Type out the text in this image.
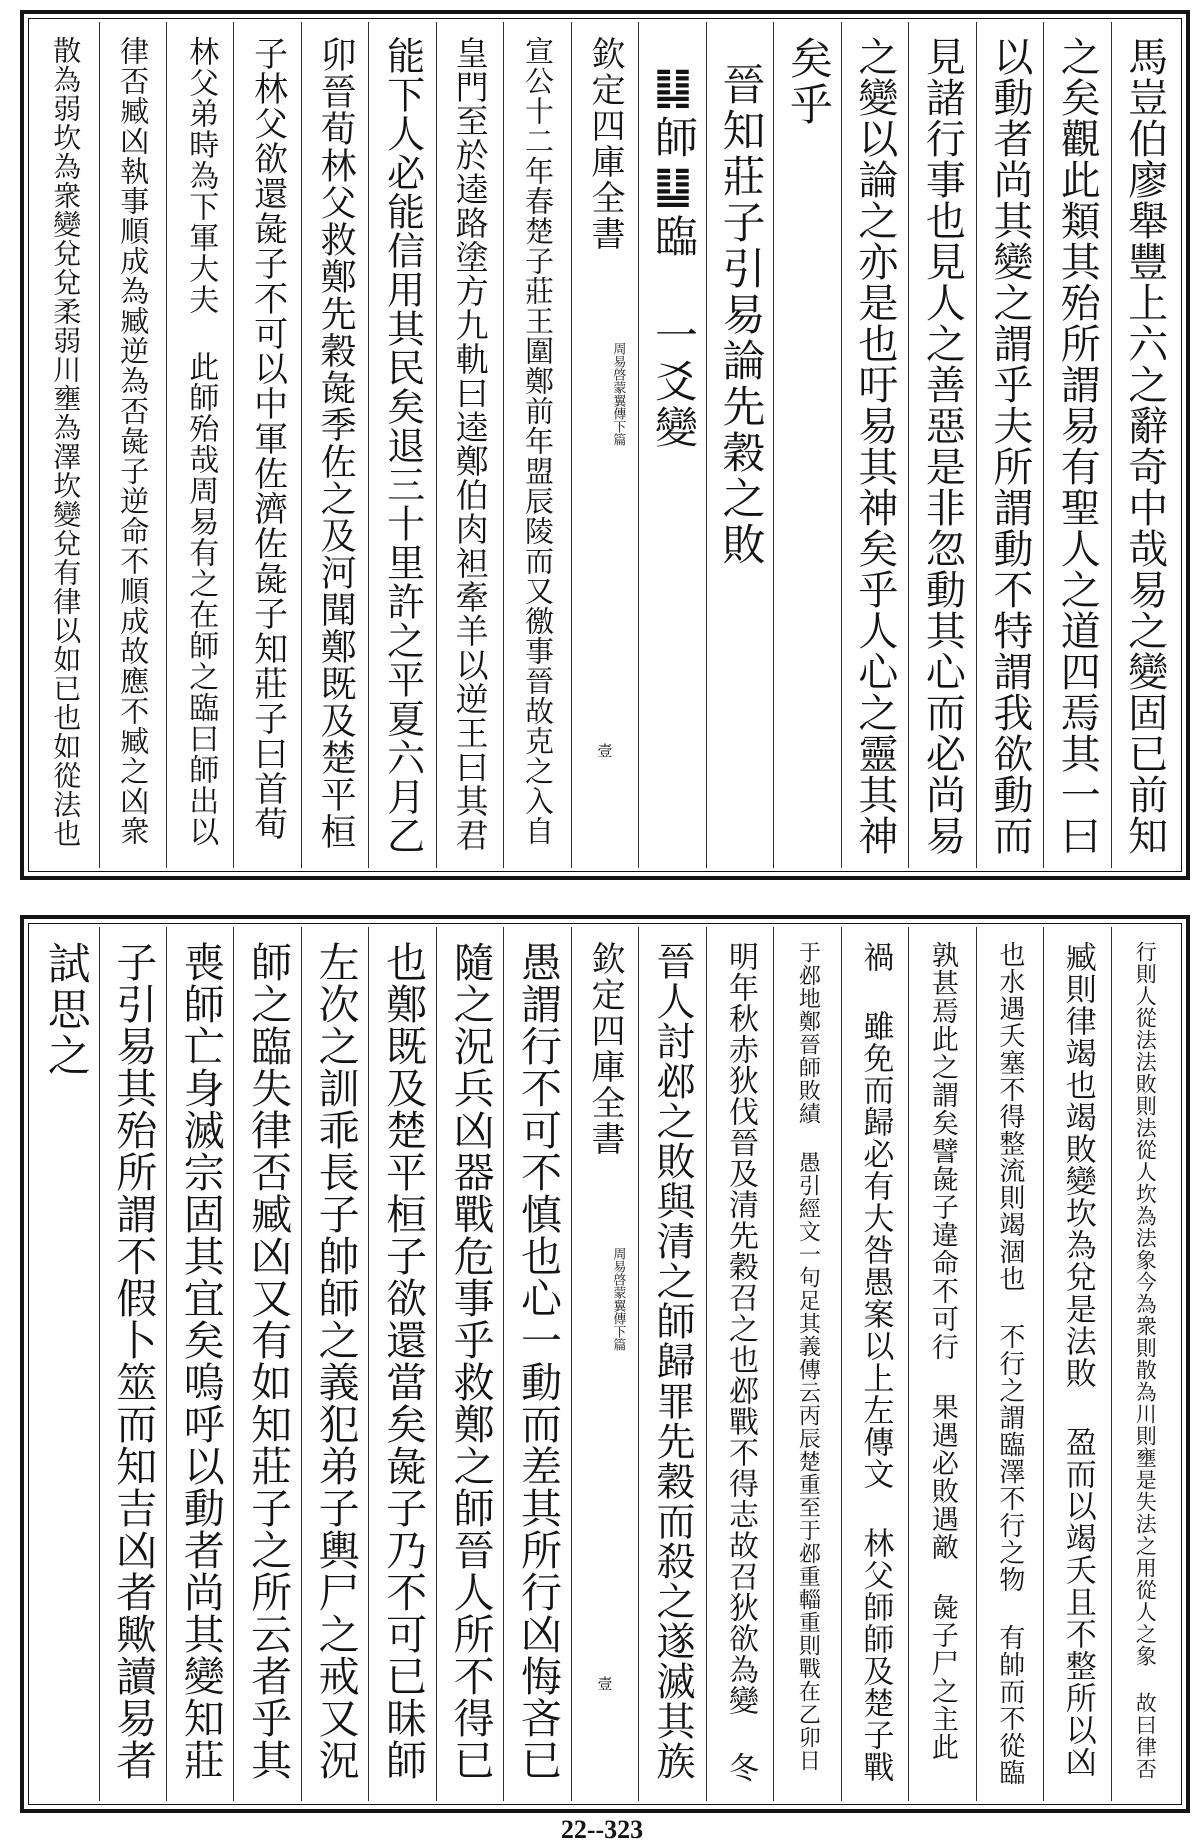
馬豈伯廖舉豐上六之辭奇中哉易之變固已前知
之矣觀此類其殆所謂易有聖人之道四焉其一曰
以動者尚其變之謂乎夫所謂動不特謂我欲動而
見諸行事也見人之善惡是非忽動其心而必尚易
之變以論之亦是也吁易其神矣乎人心之靈其神
矣乎
晉知莊子引易論先穀之敗
䷆師䷒臨 一爻變
欽定四庫全書
周易啓蒙翼傳下篇
壹
宣公十二年春楚子莊王圍鄭前年盟辰陵而又徼事晉故克之入自
皇門至於逵路塗方九軌曰逵鄭伯肉袒牽羊以逆王曰其君
能下人必能信用其民矣退三十里許之平夏六月乙
卯晉荀林父救鄭先穀彘季佐之及河聞鄭既及楚平桓
子林父欲還彘子不可以中軍佐濟佐彘子知莊子曰首荀
林父弟時為下軍大夫 此師殆哉周易有之在師之臨曰師出以
律否臧凶執事順成為臧逆為否彘子逆命不順成故應不臧之凶衆
散為弱坎為衆變兌兌柔弱川壅為澤坎變兌有律以如已也如從法也
行則人從法法敗則法從人坎為法象今為衆則散為川則壅是失法之用從人之象 故曰律否
臧則律竭也竭敗變坎為兌是法敗 盈而以竭夭且不整所以凶
也水遇夭塞不得整流則竭涸也 不行之謂臨澤不行之物 有帥而不從臨
孰甚焉此之謂矣譬彘子違命不可行 果遇必敗遇敵 彘子尸之主此
禍 雖免而歸必有大咎愚案以上左傳文 林父師師及楚子戰
于邲地鄭晉師敗績 愚引經文一句足其義傳云丙辰楚重至于邲重輜重則戰在乙卯日
明年秋赤狄伐晉及清先穀召之也邲戰不得志故召狄欲為變 冬
晉人討邲之敗與清之師歸罪先穀而殺之遂滅其族
欽定四庫全書
周易啓蒙翼傳下篇
壹
愚謂行不可不慎也心一動而差其所行凶悔吝已
隨之況兵凶器戰危事乎救鄭之師晉人所不得已
也鄭既及楚平桓子欲還當矣彘子乃不可已昧師
左次之訓乖長子帥師之義犯弟子輿尸之戒又況
師之臨失律否臧凶又有如知莊子之所云者乎其
喪師亡身滅宗固其宜矣嗚呼以動者尚其變知莊
子引易其殆所謂不假卜筮而知吉凶者歟讀易者
試思之
22--323
